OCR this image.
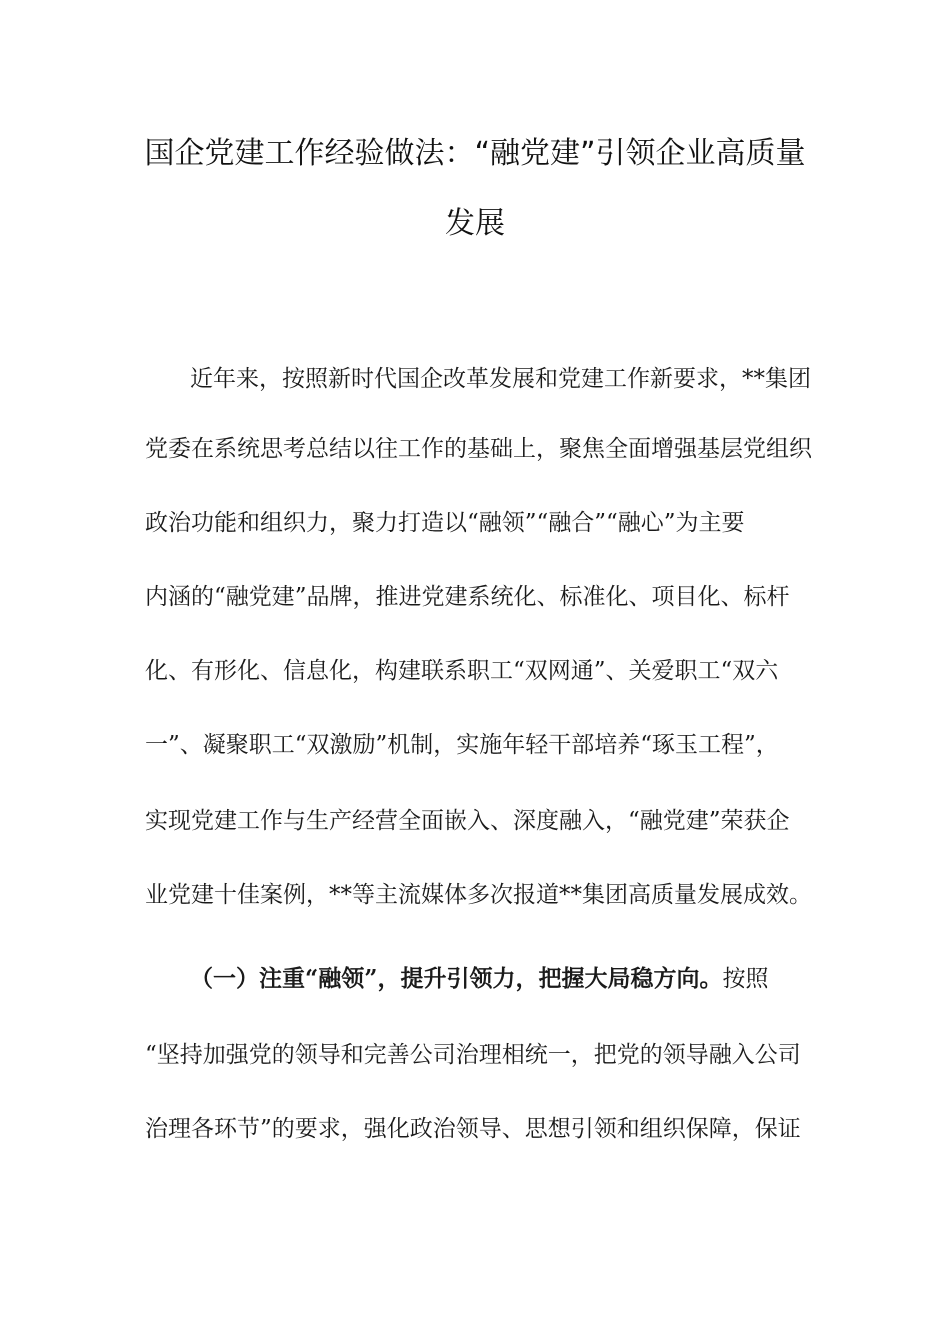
国企党建工作经验做法：“融党建”引领企业高质量
发展
近年来，按照新时代国企改革发展和党建工作新要求，**集团
党委在系统思考总结以往工作的基础上，聚焦全面增强基层党组织
政治功能和组织力，聚力打造以“融领”“融合”“融心”为主要
内涵的“融党建”品牌，推进党建系统化、标准化、项目化、标杆
化、有形化、信息化，构建联系职工“双网通”、关爱职工“双六
一”、凝聚职工“双激励”机制，实施年轻干部培养“琢玉工程”，
实现党建工作与生产经营全面嵌入、深度融入，“融党建”荣获企
业党建十佳案例，**等主流媒体多次报道**集团高质量发展成效。
（一）注重“融领”，提升引领力，把握大局稳方向。按照
“坚持加强党的领导和完善公司治理相统一，把党的领导融入公司
治理各环节”的要求，强化政治领导、思想引领和组织保障，保证
